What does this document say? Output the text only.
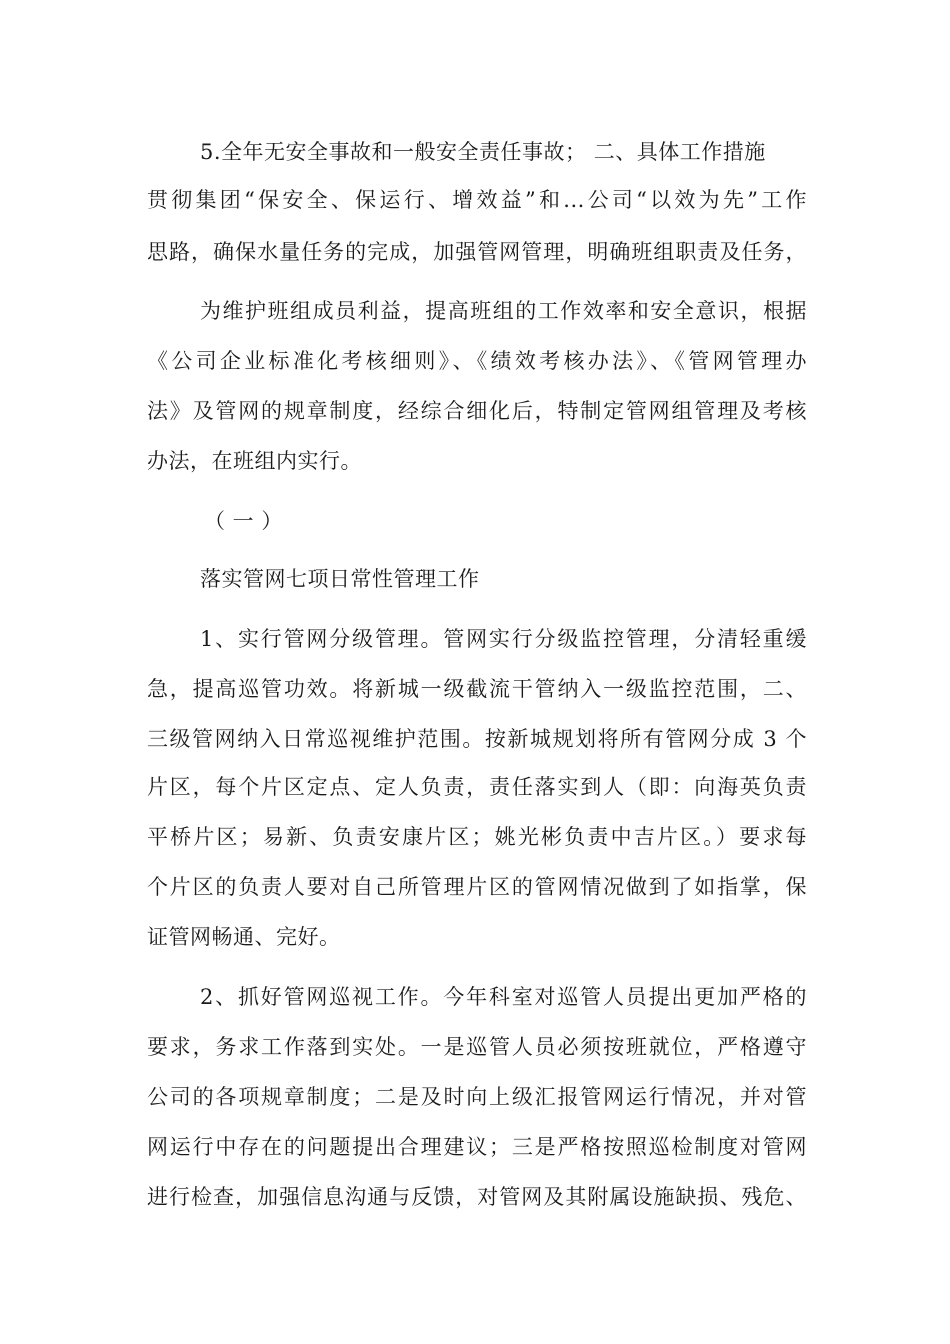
5.全年无安全事故和一般安全责任事故； 二、具体工作措施
贯彻集团“保安全、保运行、增效益”和...公司“以效为先”工作
思路，确保水量任务的完成，加强管网管理，明确班组职责及任务，
为维护班组成员利益，提高班组的工作效率和安全意识，根据
《公司企业标准化考核细则》、《绩效考核办法》、《管网管理办
法》及管网的规章制度，经综合细化后，特制定管网组管理及考核
办法，在班组内实行。
（ 一 ）
落实管网七项日常性管理工作
1、实行管网分级管理。管网实行分级监控管理，分清轻重缓
急，提高巡管功效。将新城一级截流干管纳入一级监控范围，二、
三级管网纳入日常巡视维护范围。按新城规划将所有管网分成 3 个
片区，每个片区定点、定人负责，责任落实到人（即：向海英负责
平桥片区；易新、负责安康片区；姚光彬负责中吉片区。）要求每
个片区的负责人要对自己所管理片区的管网情况做到了如指掌，保
证管网畅通、完好。
2、抓好管网巡视工作。今年科室对巡管人员提出更加严格的
要求，务求工作落到实处。一是巡管人员必须按班就位，严格遵守
公司的各项规章制度；二是及时向上级汇报管网运行情况，并对管
网运行中存在的问题提出合理建议；三是严格按照巡检制度对管网
进行检查，加强信息沟通与反馈，对管网及其附属设施缺损、残危、
